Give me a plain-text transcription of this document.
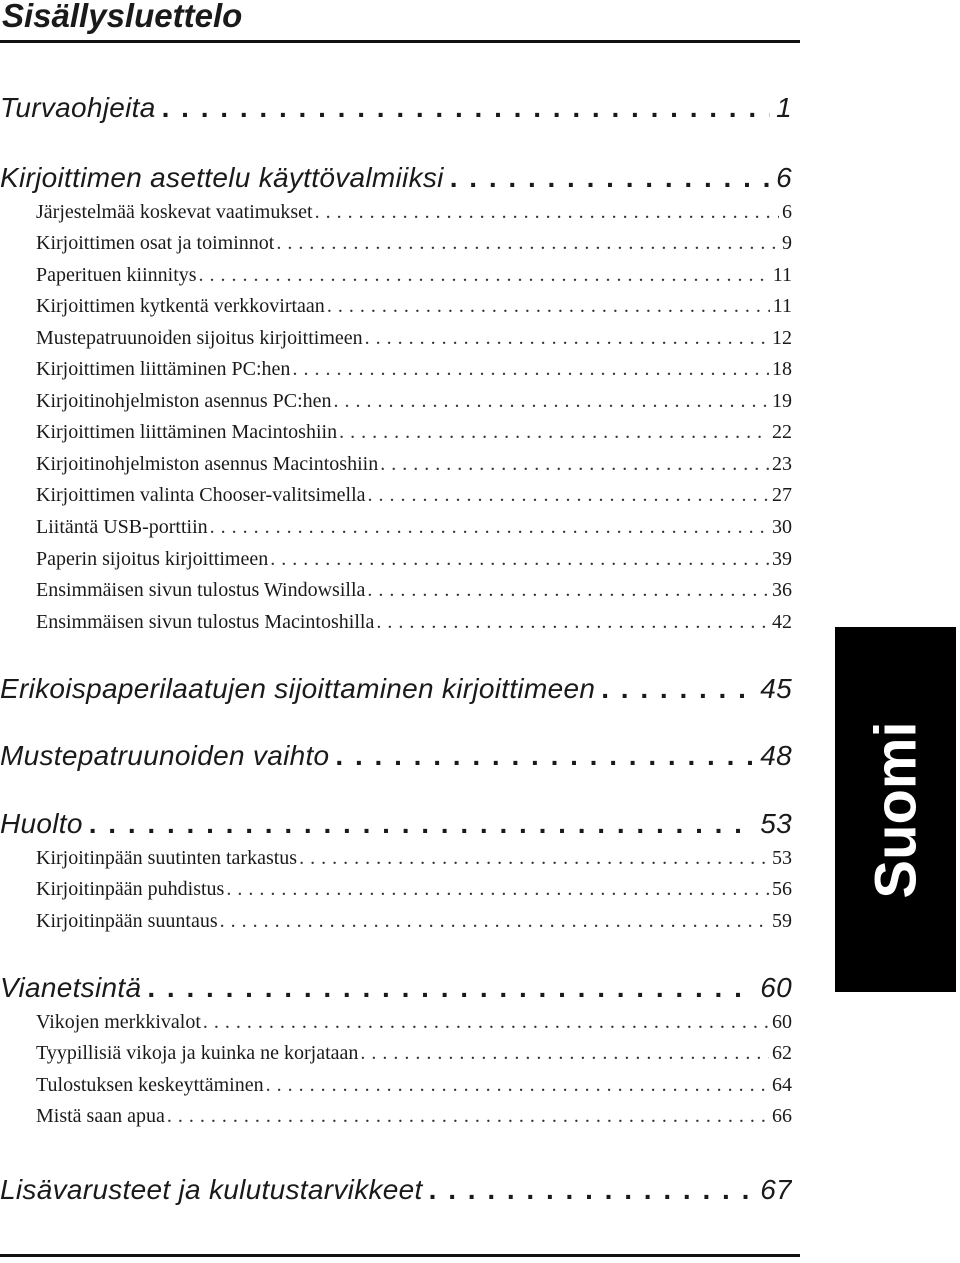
Sisällysluettelo
Turvaohjeita . . .	1
Kirjoittimen asettelu käyttövalmiiksi . . .	6
Järjestelmää koskevat vaatimukset . . .	6
Kirjoittimen osat ja toiminnot . . .	9
Paperituen kiinnitys . . .	11
Kirjoittimen kytkentä verkkovirtaan . . .	11
Mustepatruunoiden sijoitus kirjoittimeen . . .	12
Kirjoittimen liittäminen PC:hen . . .	18
Kirjoitinohjelmiston asennus PC:hen . . .	19
Kirjoittimen liittäminen Macintoshiin . . .	22
Kirjoitinohjelmiston asennus Macintoshiin . . .	23
Kirjoittimen valinta Chooser-valitsimella . . .	27
Liitäntä USB-porttiin . . .	30
Paperin sijoitus kirjoittimeen . . .	39
Ensimmäisen sivun tulostus Windowsilla . . .	36
Ensimmäisen sivun tulostus Macintoshilla . . .	42
Erikoispaperilaatujen sijoittaminen kirjoittimeen . . .	45
Mustepatruunoiden vaihto . . .	48
Huolto . . .	53
Kirjoitinpään suutinten tarkastus . . .	53
Kirjoitinpään puhdistus . . .	56
Kirjoitinpään suuntaus . . .	59
Vianetsintä . . .	60
Vikojen merkkivalot . . .	60
Tyypillisiä vikoja ja kuinka ne korjataan . . .	62
Tulostuksen keskeyttäminen . . .	64
Mistä saan apua . . .	66
Lisävarusteet ja kulutustarvikkeet . . .	67
Suomi
